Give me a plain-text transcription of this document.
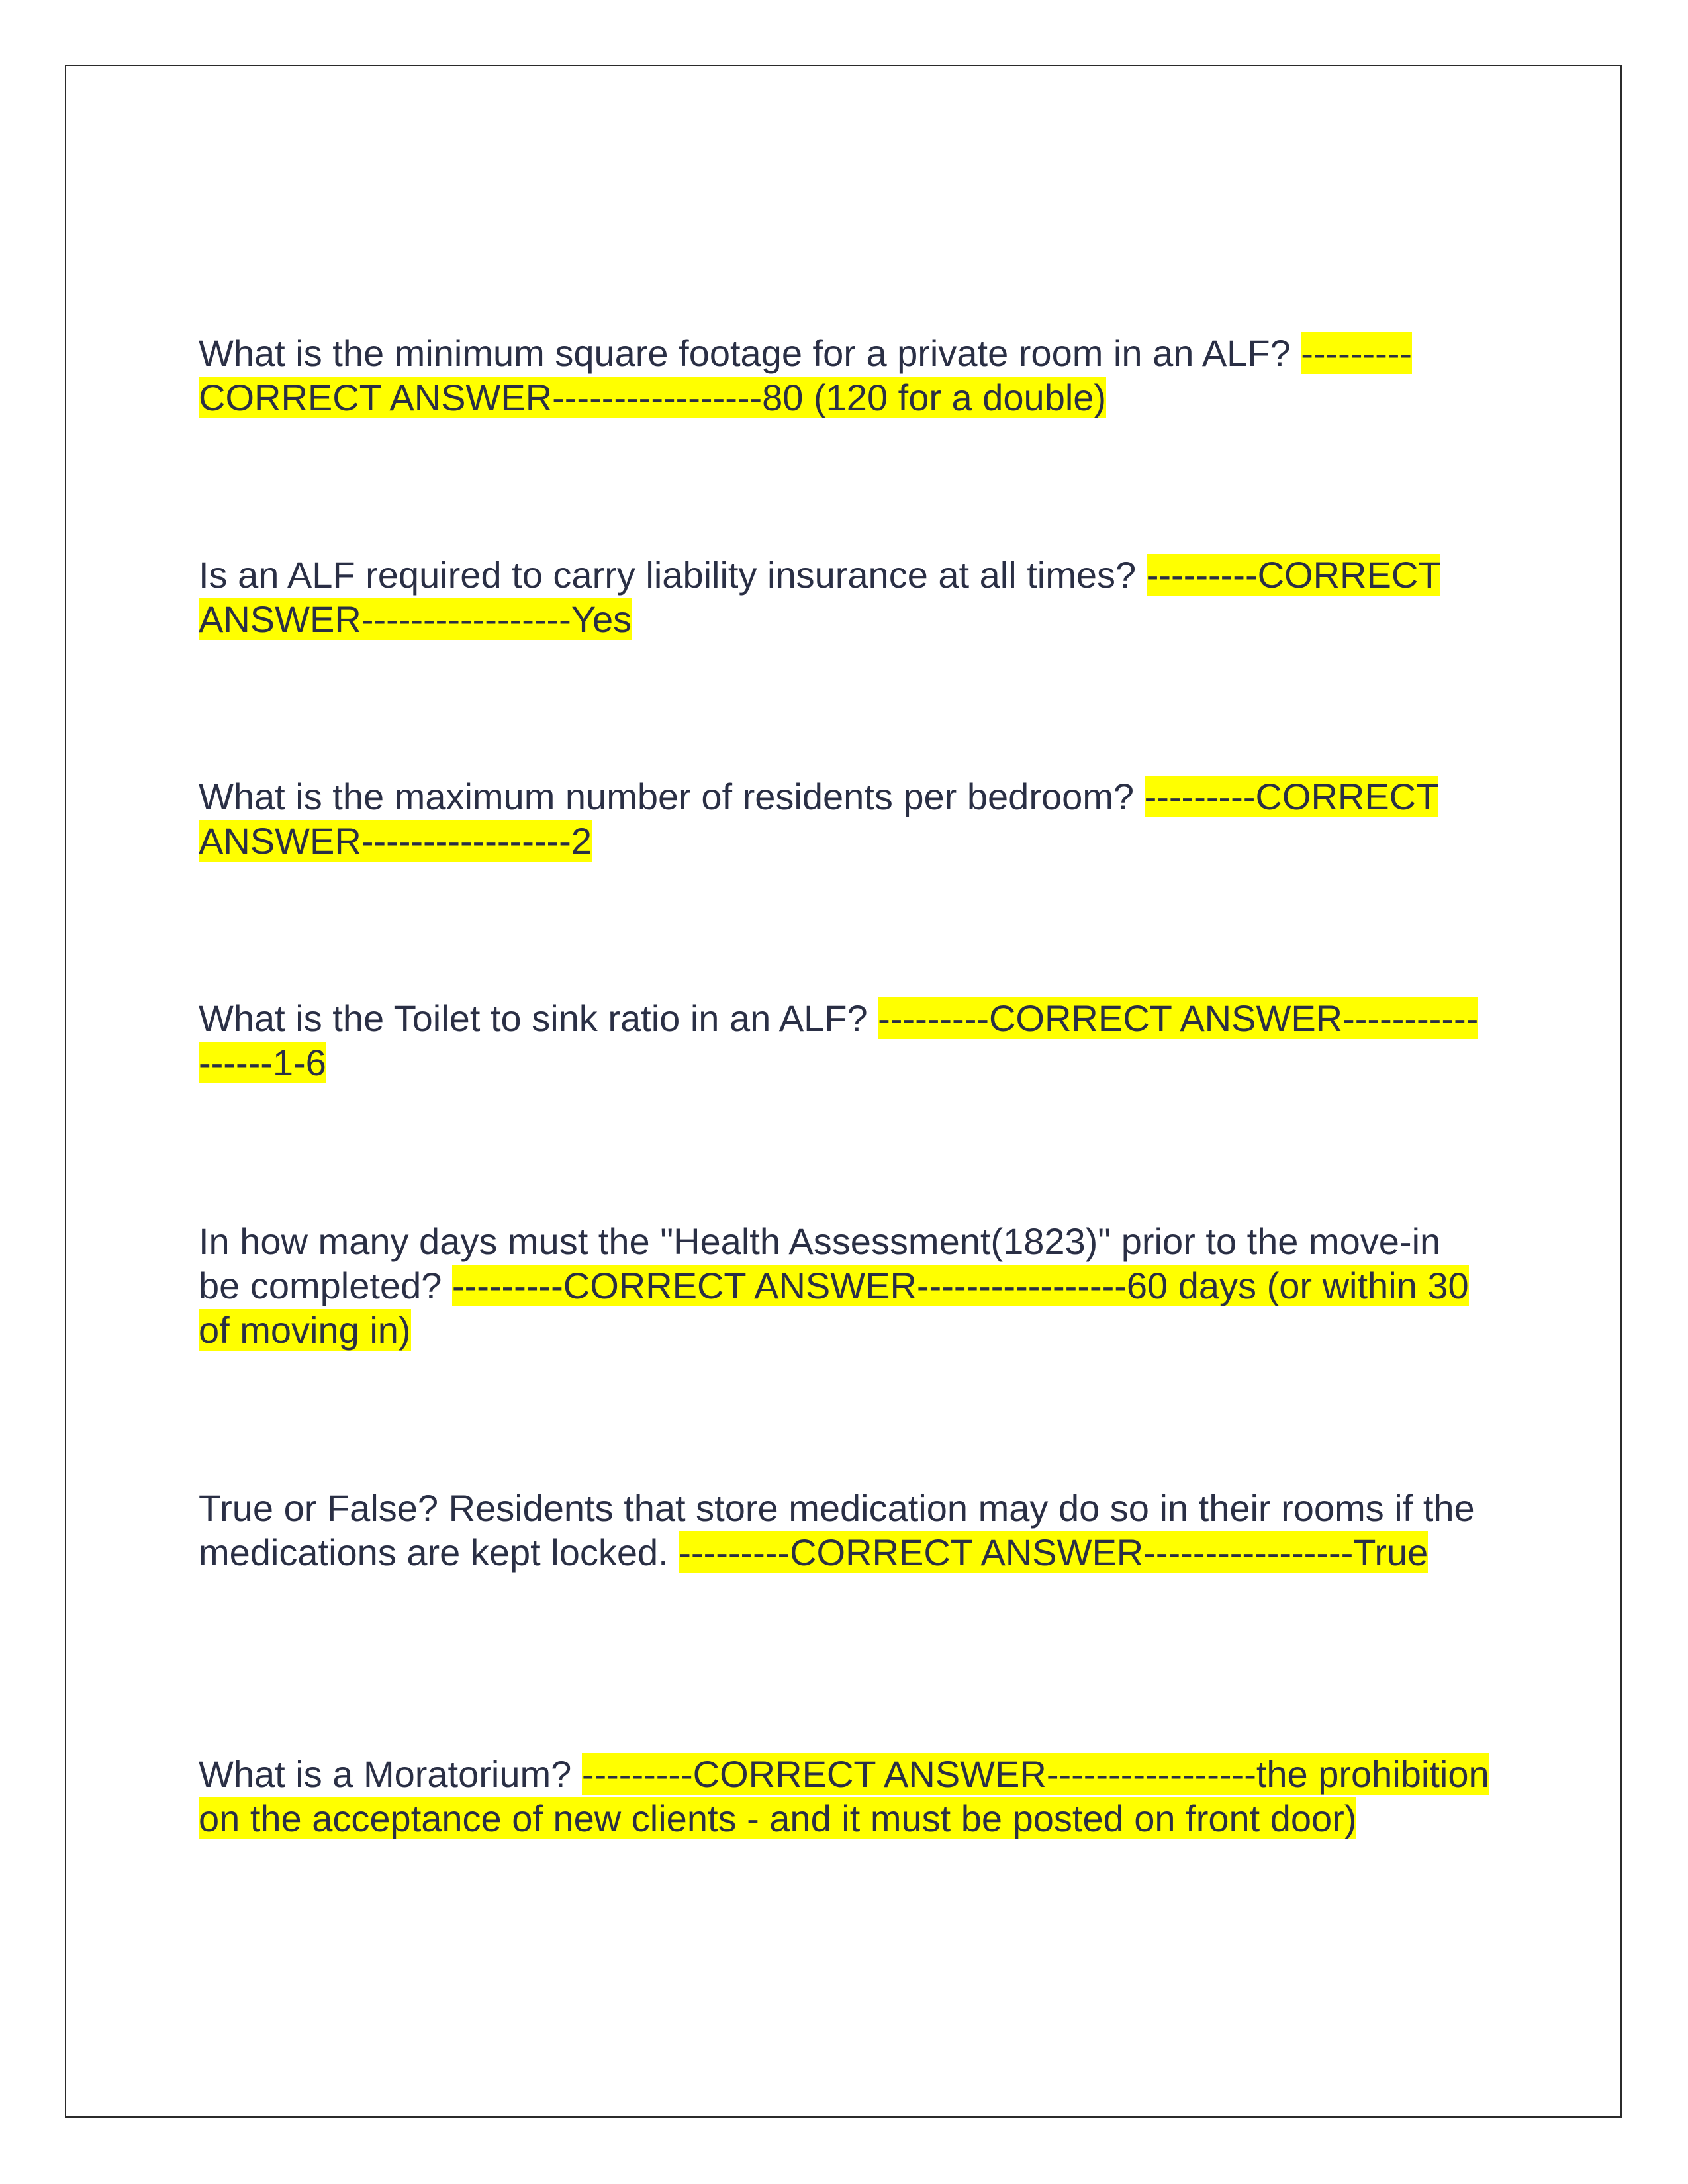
What is the minimum square footage for a private room in an ALF? ---------CORRECT ANSWER-----------------80 (120 for a double)

Is an ALF required to carry liability insurance at all times? ---------CORRECT ANSWER-----------------Yes

What is the maximum number of residents per bedroom? ---------CORRECT ANSWER-----------------2

What is the Toilet to sink ratio in an ALF? ---------CORRECT ANSWER-----------------1-6

In how many days must the "Health Assessment(1823)" prior to the move-in be completed? ---------CORRECT ANSWER-----------------60 days (or within 30 of moving in)

True or False? Residents that store medication may do so in their rooms if the medications are kept locked. ---------CORRECT ANSWER-----------------True

What is a Moratorium? ---------CORRECT ANSWER-----------------the prohibition on the acceptance of new clients - and it must be posted on front door)
